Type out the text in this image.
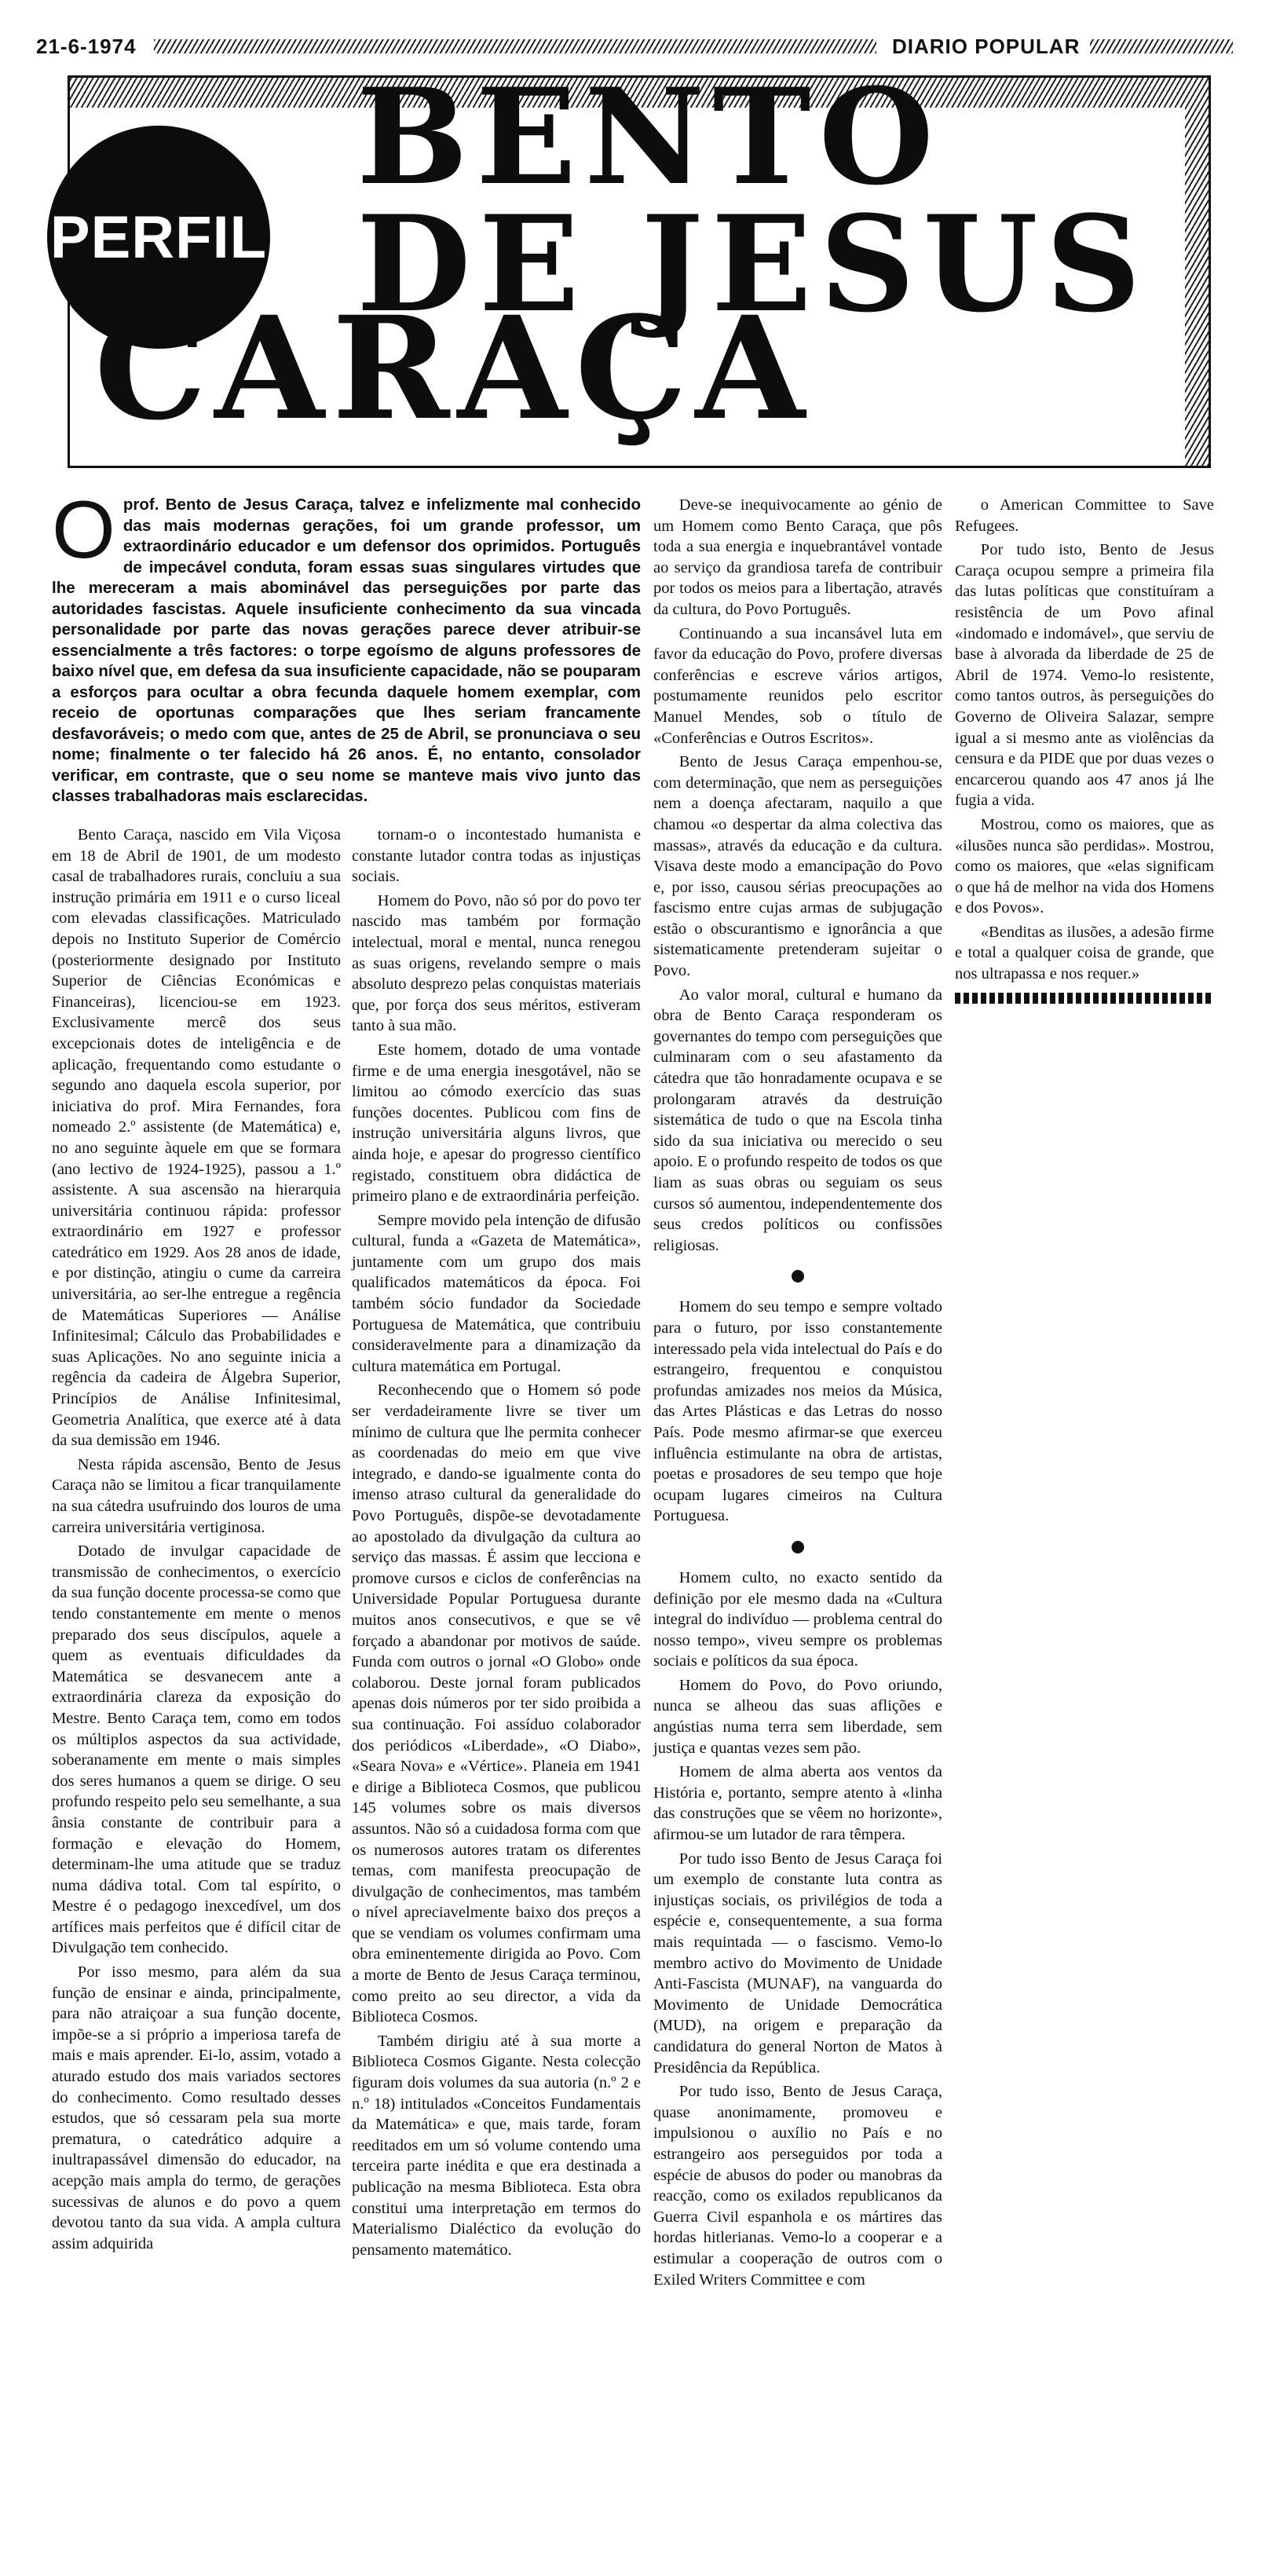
21-6-1974	DIARIO POPULAR
PERFIL
BENTO
DE JESUS
CARAÇA
O prof. Bento de Jesus Caraça, talvez e infelizmente mal conhecido das mais modernas gerações, foi um grande professor, um extraordinário educador e um defensor dos oprimidos. Português de impecável conduta, foram essas suas singulares virtudes que lhe mereceram a mais abominável das perseguições por parte das autoridades fascistas. Aquele insuficiente conhecimento da sua vincada personalidade por parte das novas gerações parece dever atribuir-se essencialmente a três factores: o torpe egoísmo de alguns professores de baixo nível que, em defesa da sua insuficiente capacidade, não se pouparam a esforços para ocultar a obra fecunda daquele homem exemplar, com receio de oportunas comparações que lhes seriam francamente desfavoráveis; o medo com que, antes de 25 de Abril, se pronunciava o seu nome; finalmente o ter falecido há 26 anos. É, no entanto, consolador verificar, em contraste, que o seu nome se manteve mais vivo junto das classes trabalhadoras mais esclarecidas.

Bento Caraça, nascido em Vila Viçosa em 18 de Abril de 1901, de um modesto casal de trabalhadores rurais, concluiu a sua instrução primária em 1911 e o curso liceal com elevadas classificações. Matriculado depois no Instituto Superior de Comércio (posteriormente designado por Instituto Superior de Ciências Económicas e Financeiras), licenciou-se em 1923. Exclusivamente mercê dos seus excepcionais dotes de inteligência e de aplicação, frequentando como estudante o segundo ano daquela escola superior, por iniciativa do prof. Mira Fernandes, fora nomeado 2.º assistente (de Matemática) e, no ano seguinte àquele em que se formara (ano lectivo de 1924-1925), passou a 1.º assistente. A sua ascensão na hierarquia universitária continuou rápida: professor extraordinário em 1927 e professor catedrático em 1929. Aos 28 anos de idade, e por distinção, atingiu o cume da carreira universitária, ao ser-lhe entregue a regência de Matemáticas Superiores — Análise Infinitesimal; Cálculo das Probabilidades e suas Aplicações. No ano seguinte inicia a regência da cadeira de Álgebra Superior, Princípios de Análise Infinitesimal, Geometria Analítica, que exerce até à data da sua demissão em 1946.

Nesta rápida ascensão, Bento de Jesus Caraça não se limitou a ficar tranquilamente na sua cátedra usufruindo dos louros de uma carreira universitária vertiginosa.

Dotado de invulgar capacidade de transmissão de conhecimentos, o exercício da sua função docente processa-se como que tendo constantemente em mente o menos preparado dos seus discípulos, aquele a quem as eventuais dificuldades da Matemática se desvanecem ante a extraordinária clareza da exposição do Mestre. Bento Caraça tem, como em todos os múltiplos aspectos da sua actividade, soberanamente em mente o mais simples dos seres humanos a quem se dirige. O seu profundo respeito pelo seu semelhante, a sua ânsia constante de contribuir para a formação e elevação do Homem, determinam-lhe uma atitude que se traduz numa dádiva total. Com tal espírito, o Mestre é o pedagogo inexcedível, um dos artífices mais perfeitos que é difícil citar de Divulgação tem conhecido.

Por isso mesmo, para além da sua função de ensinar e ainda, principalmente, para não atraiçoar a sua função docente, impõe-se a si próprio a imperiosa tarefa de mais e mais aprender. Ei-lo, assim, votado a aturado estudo dos mais variados sectores do conhecimento. Como resultado desses estudos, que só cessaram pela sua morte prematura, o catedrático adquire a inultrapassável dimensão do educador, na acepção mais ampla do termo, de gerações sucessivas de alunos e do povo a quem devotou tanto da sua vida. A ampla cultura assim adquirida

tornam-o o incontestado humanista e constante lutador contra todas as injustiças sociais.

Homem do Povo, não só por do povo ter nascido mas também por formação intelectual, moral e mental, nunca renegou as suas origens, revelando sempre o mais absoluto desprezo pelas conquistas materiais que, por força dos seus méritos, estiveram tanto à sua mão.

Este homem, dotado de uma vontade firme e de uma energia inesgotável, não se limitou ao cómodo exercício das suas funções docentes. Publicou com fins de instrução universitária alguns livros, que ainda hoje, e apesar do progresso científico registado, constituem obra didáctica de primeiro plano e de extraordinária perfeição.

Sempre movido pela intenção de difusão cultural, funda a «Gazeta de Matemática», juntamente com um grupo dos mais qualificados matemáticos da época. Foi também sócio fundador da Sociedade Portuguesa de Matemática, que contribuiu consideravelmente para a dinamização da cultura matemática em Portugal.

Reconhecendo que o Homem só pode ser verdadeiramente livre se tiver um mínimo de cultura que lhe permita conhecer as coordenadas do meio em que vive integrado, e dando-se igualmente conta do imenso atraso cultural da generalidade do Povo Português, dispõe-se devotadamente ao apostolado da divulgação da cultura ao serviço das massas. É assim que lecciona e promove cursos e ciclos de conferências na Universidade Popular Portuguesa durante muitos anos consecutivos, e que se vê forçado a abandonar por motivos de saúde. Funda com outros o jornal «O Globo» onde colaborou. Deste jornal foram publicados apenas dois números por ter sido proibida a sua continuação. Foi assíduo colaborador dos periódicos «Liberdade», «O Diabo», «Seara Nova» e «Vértice». Planeia em 1941 e dirige a Biblioteca Cosmos, que publicou 145 volumes sobre os mais diversos assuntos. Não só a cuidadosa forma com que os numerosos autores tratam os diferentes temas, com manifesta preocupação de divulgação de conhecimentos, mas também o nível apreciavelmente baixo dos preços a que se vendiam os volumes confirmam uma obra eminentemente dirigida ao Povo. Com a morte de Bento de Jesus Caraça terminou, como preito ao seu director, a vida da Biblioteca Cosmos.

Também dirigiu até à sua morte a Biblioteca Cosmos Gigante. Nesta colecção figuram dois volumes da sua autoria (n.º 2 e n.º 18) intitulados «Conceitos Fundamentais da Matemática» e que, mais tarde, foram reeditados em um só volume contendo uma terceira parte inédita e que era destinada a publicação na mesma Biblioteca. Esta obra constitui uma interpretação em termos do Materialismo Dialéctico da evolução do pensamento matemático.

Deve-se inequivocamente ao génio de um Homem como Bento Caraça, que pôs toda a sua energia e inquebrantável vontade ao serviço da grandiosa tarefa de contribuir por todos os meios para a libertação, através da cultura, do Povo Português.

Continuando a sua incansável luta em favor da educação do Povo, profere diversas conferências e escreve vários artigos, postumamente reunidos pelo escritor Manuel Mendes, sob o título de «Conferências e Outros Escritos».

Bento de Jesus Caraça empenhou-se, com determinação, que nem as perseguições nem a doença afectaram, naquilo a que chamou «o despertar da alma colectiva das massas», através da educação e da cultura. Visava deste modo a emancipação do Povo e, por isso, causou sérias preocupações ao fascismo entre cujas armas de subjugação estão o obscurantismo e ignorância a que sistematicamente pretenderam sujeitar o Povo.

Ao valor moral, cultural e humano da obra de Bento Caraça responderam os governantes do tempo com perseguições que culminaram com o seu afastamento da cátedra que tão honradamente ocupava e se prolongaram através da destruição sistemática de tudo o que na Escola tinha sido da sua iniciativa ou merecido o seu apoio. E o profundo respeito de todos os que liam as suas obras ou seguiam os seus cursos só aumentou, independentemente dos seus credos políticos ou confissões religiosas.

Homem do seu tempo e sempre voltado para o futuro, por isso constantemente interessado pela vida intelectual do País e do estrangeiro, frequentou e conquistou profundas amizades nos meios da Música, das Artes Plásticas e das Letras do nosso País. Pode mesmo afirmar-se que exerceu influência estimulante na obra de artistas, poetas e prosadores de seu tempo que hoje ocupam lugares cimeiros na Cultura Portuguesa.

Homem culto, no exacto sentido da definição por ele mesmo dada na «Cultura integral do indivíduo — problema central do nosso tempo», viveu sempre os problemas sociais e políticos da sua época.

Homem do Povo, do Povo oriundo, nunca se alheou das suas aflições e angústias numa terra sem liberdade, sem justiça e quantas vezes sem pão.

Homem de alma aberta aos ventos da História e, portanto, sempre atento à «linha das construções que se vêem no horizonte», afirmou-se um lutador de rara têmpera.

Por tudo isso Bento de Jesus Caraça foi um exemplo de constante luta contra as injustiças sociais, os privilégios de toda a espécie e, consequentemente, a sua forma mais requintada — o fascismo. Vemo-lo membro activo do Movimento de Unidade Anti-Fascista (MUNAF), na vanguarda do Movimento de Unidade Democrática (MUD), na origem e preparação da candidatura do general Norton de Matos à Presidência da República.

Por tudo isso, Bento de Jesus Caraça, quase anonimamente, promoveu e impulsionou o auxílio no País e no estrangeiro aos perseguidos por toda a espécie de abusos do poder ou manobras da reacção, como os exilados republicanos da Guerra Civil espanhola e os mártires das hordas hitlerianas. Vemo-lo a cooperar e a estimular a cooperação de outros com o Exiled Writers Committee e com

o American Committee to Save Refugees.

Por tudo isto, Bento de Jesus Caraça ocupou sempre a primeira fila das lutas políticas que constituíram a resistência de um Povo afinal «indomado e indomável», que serviu de base à alvorada da liberdade de 25 de Abril de 1974. Vemo-lo resistente, como tantos outros, às perseguições do Governo de Oliveira Salazar, sempre igual a si mesmo ante as violências da censura e da PIDE que por duas vezes o encarcerou quando aos 47 anos já lhe fugia a vida.

Mostrou, como os maiores, que as «ilusões nunca são perdidas». Mostrou, como os maiores, que «elas significam o que há de melhor na vida dos Homens e dos Povos».

«Benditas as ilusões, a adesão firme e total a qualquer coisa de grande, que nos ultrapassa e nos requer.»
